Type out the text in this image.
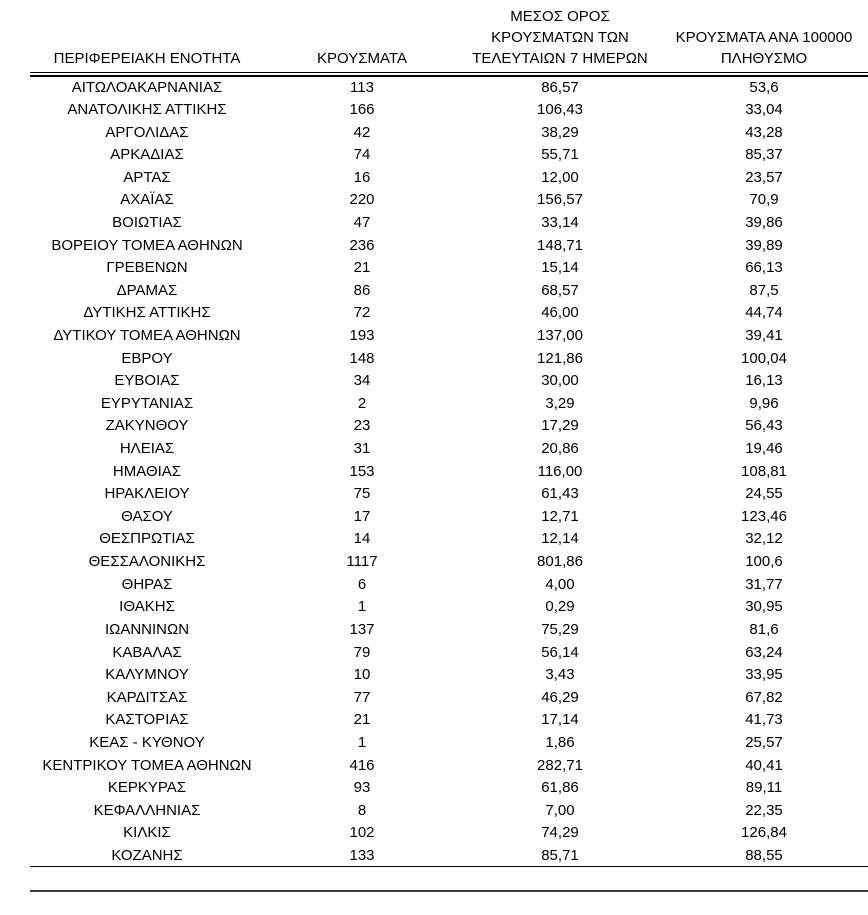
ΠΕΡΙΦΕΡΕΙΑΚΗ ΕΝΟΤΗΤΑ	ΚΡΟΥΣΜΑΤΑ	ΜΕΣΟΣ ΟΡΟΣ
ΚΡΟΥΣΜΑΤΩΝ ΤΩΝ
ΤΕΛΕΥΤΑΙΩΝ 7 ΗΜΕΡΩΝ	ΚΡΟΥΣΜΑΤΑ ΑΝΑ 100000
ΠΛΗΘΥΣΜΟ

ΑΙΤΩΛΟΑΚΑΡΝΑΝΙΑΣ	113	86,57	53,6
ΑΝΑΤΟΛΙΚΗΣ ΑΤΤΙΚΗΣ	166	106,43	33,04
ΑΡΓΟΛΙΔΑΣ	42	38,29	43,28
ΑΡΚΑΔΙΑΣ	74	55,71	85,37
ΑΡΤΑΣ	16	12,00	23,57
ΑΧΑΪΑΣ	220	156,57	70,9
ΒΟΙΩΤΙΑΣ	47	33,14	39,86
ΒΟΡΕΙΟΥ ΤΟΜΕΑ ΑΘΗΝΩΝ	236	148,71	39,89
ΓΡΕΒΕΝΩΝ	21	15,14	66,13
ΔΡΑΜΑΣ	86	68,57	87,5
ΔΥΤΙΚΗΣ ΑΤΤΙΚΗΣ	72	46,00	44,74
ΔΥΤΙΚΟΥ ΤΟΜΕΑ ΑΘΗΝΩΝ	193	137,00	39,41
ΕΒΡΟΥ	148	121,86	100,04
ΕΥΒΟΙΑΣ	34	30,00	16,13
ΕΥΡΥΤΑΝΙΑΣ	2	3,29	9,96
ΖΑΚΥΝΘΟΥ	23	17,29	56,43
ΗΛΕΙΑΣ	31	20,86	19,46
ΗΜΑΘΙΑΣ	153	116,00	108,81
ΗΡΑΚΛΕΙΟΥ	75	61,43	24,55
ΘΑΣΟΥ	17	12,71	123,46
ΘΕΣΠΡΩΤΙΑΣ	14	12,14	32,12
ΘΕΣΣΑΛΟΝΙΚΗΣ	1117	801,86	100,6
ΘΗΡΑΣ	6	4,00	31,77
ΙΘΑΚΗΣ	1	0,29	30,95
ΙΩΑΝΝΙΝΩΝ	137	75,29	81,6
ΚΑΒΑΛΑΣ	79	56,14	63,24
ΚΑΛΥΜΝΟΥ	10	3,43	33,95
ΚΑΡΔΙΤΣΑΣ	77	46,29	67,82
ΚΑΣΤΟΡΙΑΣ	21	17,14	41,73
ΚΕΑΣ - ΚΥΘΝΟΥ	1	1,86	25,57
ΚΕΝΤΡΙΚΟΥ ΤΟΜΕΑ ΑΘΗΝΩΝ	416	282,71	40,41
ΚΕΡΚΥΡΑΣ	93	61,86	89,11
ΚΕΦΑΛΛΗΝΙΑΣ	8	7,00	22,35
ΚΙΛΚΙΣ	102	74,29	126,84
ΚΟΖΑΝΗΣ	133	85,71	88,55
